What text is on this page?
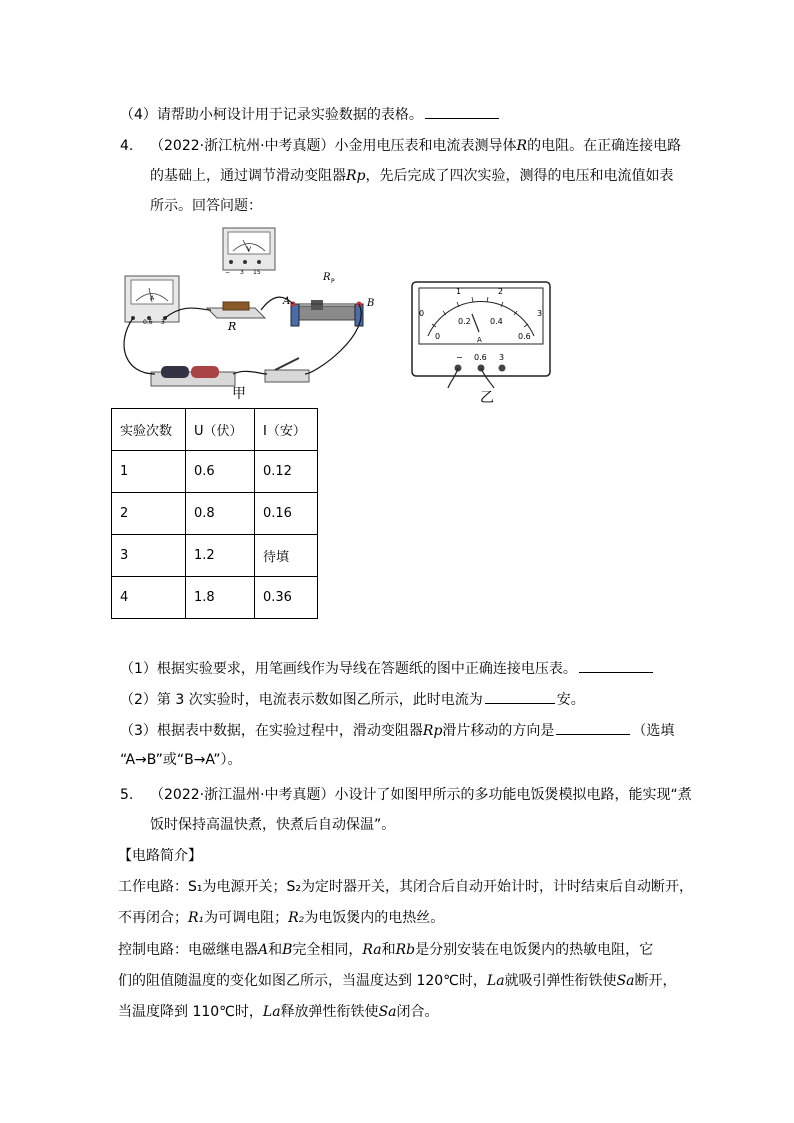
（4）请帮助小柯设计用于记录实验数据的表格。
4. （2022·浙江杭州·中考真题）小金用电压表和电流表测导体R的电阻。在正确连接电路
的基础上，通过调节滑动变阻器Rp，先后完成了四次实验，测得的电压和电流值如表
所示。回答问题：
V
− 3 15
A
− 0.6 3	R
R P
A	B
甲
0
1	2
3
0
0.2 0.4
0.6
A
− 0.6 3
乙
实验次数	U（伏）	I（安）
1	0.6	0.12
2	0.8	0.16
3	1.2	待填
4	1.8	0.36
（1）根据实验要求，用笔画线作为导线在答题纸的图中正确连接电压表。
（2）第 3 次实验时，电流表示数如图乙所示，此时电流为	安。
（3）根据表中数据，在实验过程中，滑动变阻器Rp滑片移动的方向是	（选填
“A→B”或“B→A”）。
5. （2022·浙江温州·中考真题）小设计了如图甲所示的多功能电饭煲模拟电路，能实现“煮
饭时保持高温快煮，快煮后自动保温”。
【电路简介】
工作电路：S₁为电源开关；S₂为定时器开关，其闭合后自动开始计时，计时结束后自动断开，
不再闭合；R₁为可调电阻；R₂为电饭煲内的电热丝。
控制电路：电磁继电器A和B完全相同，Ra和Rb是分别安装在电饭煲内的热敏电阻，它
们的阻值随温度的变化如图乙所示，当温度达到 120℃时，La就吸引弹性衔铁使Sa断开，
当温度降到 110℃时，La释放弹性衔铁使Sa闭合。
